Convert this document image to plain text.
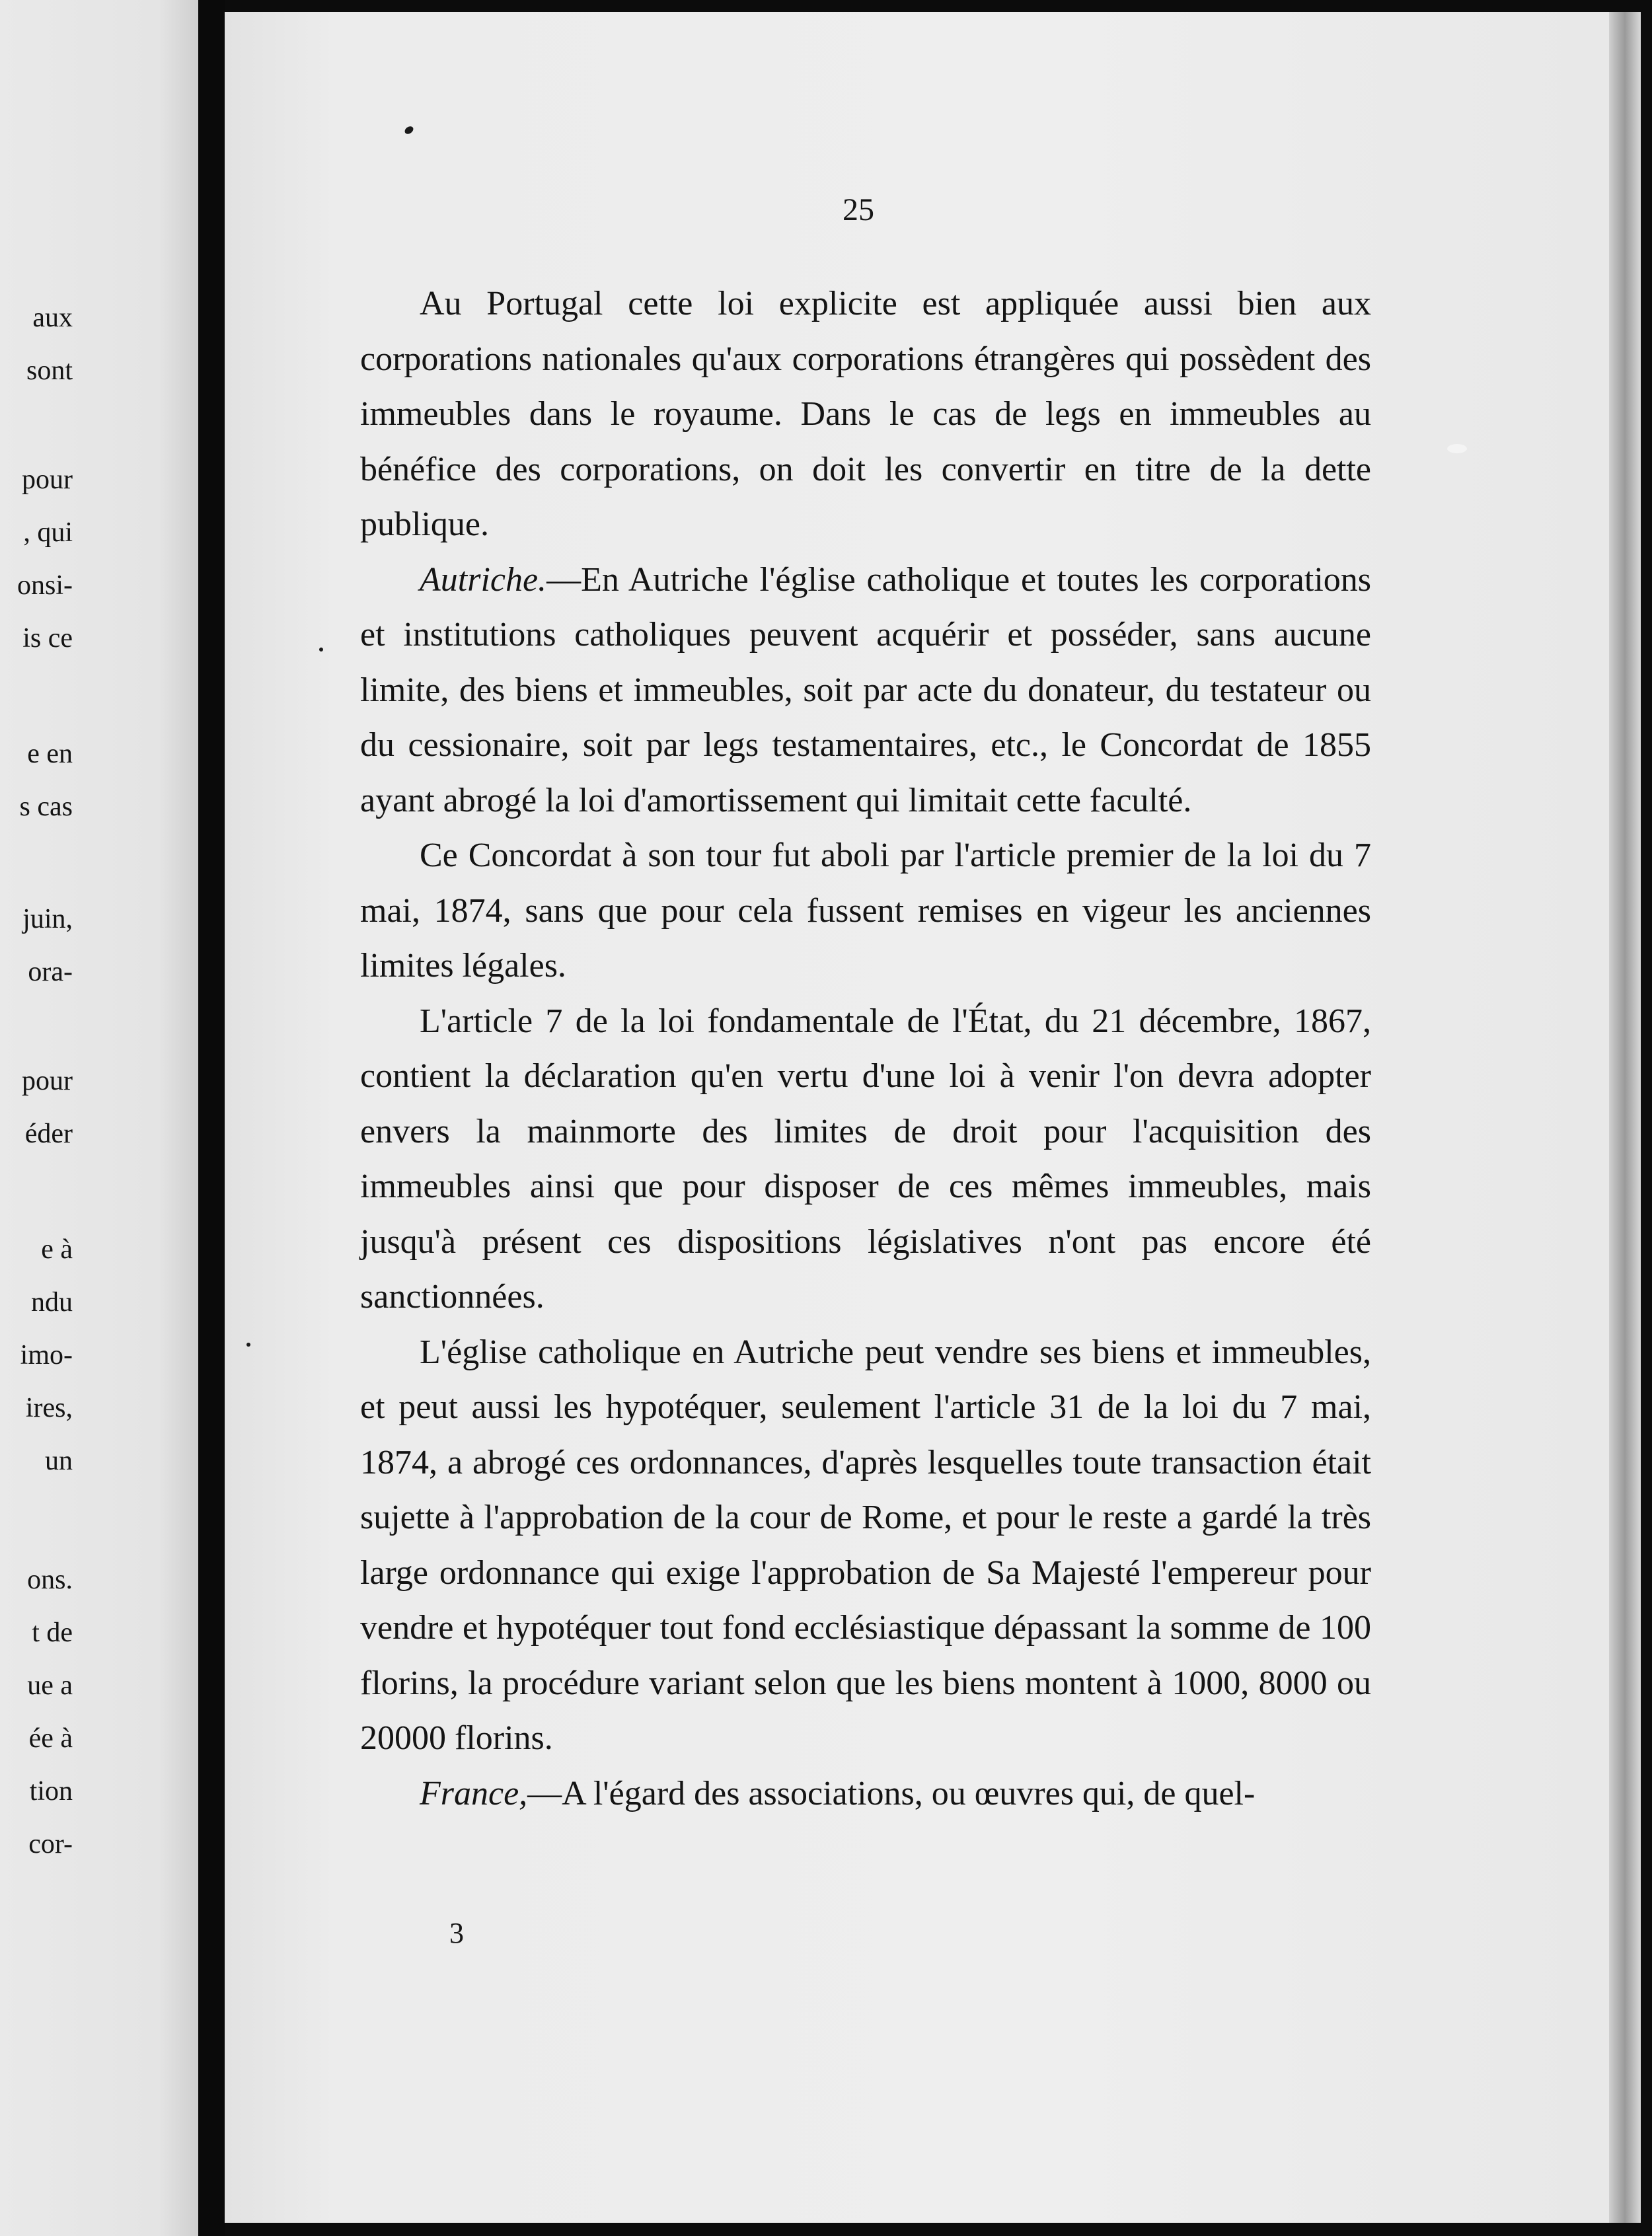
aux
sont
pour
, qui
onsi-
is ce
e en
s cas
juin,
ora-
pour
éder
e à
ndu
imo-
ires,
un
ons.
t de
ue a
ée à
tion
cor-
25

Au Portugal cette loi explicite est appliquée aussi bien aux corporations nationales qu'aux corporations étrangères qui possèdent des immeubles dans le royaume. Dans le cas de legs en immeubles au bénéfice des corporations, on doit les convertir en titre de la dette publique.

Autriche.—En Autriche l'église catholique et toutes les corporations et institutions catholiques peuvent acquérir et posséder, sans aucune limite, des biens et immeubles, soit par acte du donateur, du testateur ou du cessionaire, soit par legs testamentaires, etc., le Concordat de 1855 ayant abrogé la loi d'amortissement qui limitait cette faculté.

Ce Concordat à son tour fut aboli par l'article premier de la loi du 7 mai, 1874, sans que pour cela fussent remises en vigeur les anciennes limites légales.

L'article 7 de la loi fondamentale de l'État, du 21 décembre, 1867, contient la déclaration qu'en vertu d'une loi à venir l'on devra adopter envers la mainmorte des limites de droit pour l'acquisition des immeubles ainsi que pour disposer de ces mêmes immeubles, mais jusqu'à présent ces dispositions législatives n'ont pas encore été sanctionnées.

L'église catholique en Autriche peut vendre ses biens et immeubles, et peut aussi les hypotéquer, seulement l'article 31 de la loi du 7 mai, 1874, a abrogé ces ordonnances, d'après lesquelles toute transaction était sujette à l'approbation de la cour de Rome, et pour le reste a gardé la très large ordonnance qui exige l'approbation de Sa Majesté l'empereur pour vendre et hypotéquer tout fond ecclésiastique dépassant la somme de 100 florins, la procédure variant selon que les biens montent à 1000, 8000 ou 20000 florins.

France,—A l'égard des associations, ou œuvres qui, de quel-

3
